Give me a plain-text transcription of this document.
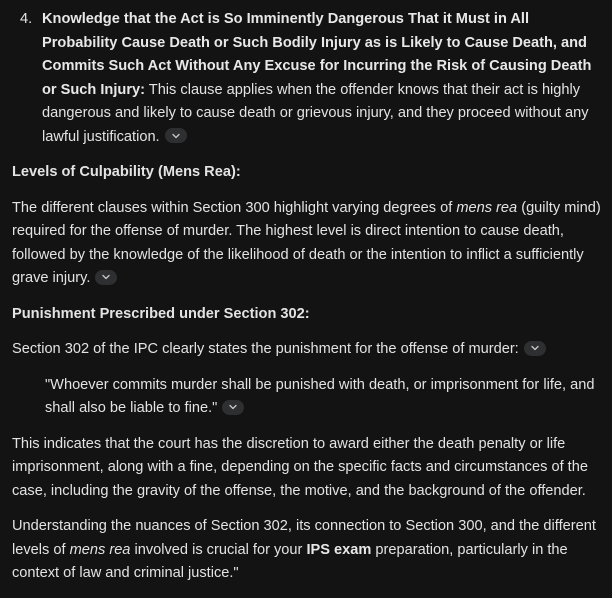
4. Knowledge that the Act is So Imminently Dangerous That it Must in All Probability Cause Death or Such Bodily Injury as is Likely to Cause Death, and Commits Such Act Without Any Excuse for Incurring the Risk of Causing Death or Such Injury: This clause applies when the offender knows that their act is highly dangerous and likely to cause death or grievous injury, and they proceed without any lawful justification.
Levels of Culpability (Mens Rea):

The different clauses within Section 300 highlight varying degrees of mens rea (guilty mind) required for the offense of murder. The highest level is direct intention to cause death, followed by the knowledge of the likelihood of death or the intention to inflict a sufficiently grave injury.

Punishment Prescribed under Section 302:

Section 302 of the IPC clearly states the punishment for the offense of murder:

"Whoever commits murder shall be punished with death, or imprisonment for life, and shall also be liable to fine."

This indicates that the court has the discretion to award either the death penalty or life imprisonment, along with a fine, depending on the specific facts and circumstances of the case, including the gravity of the offense, the motive, and the background of the offender.

Understanding the nuances of Section 302, its connection to Section 300, and the different levels of mens rea involved is crucial for your IPS exam preparation, particularly in the context of law and criminal justice."
